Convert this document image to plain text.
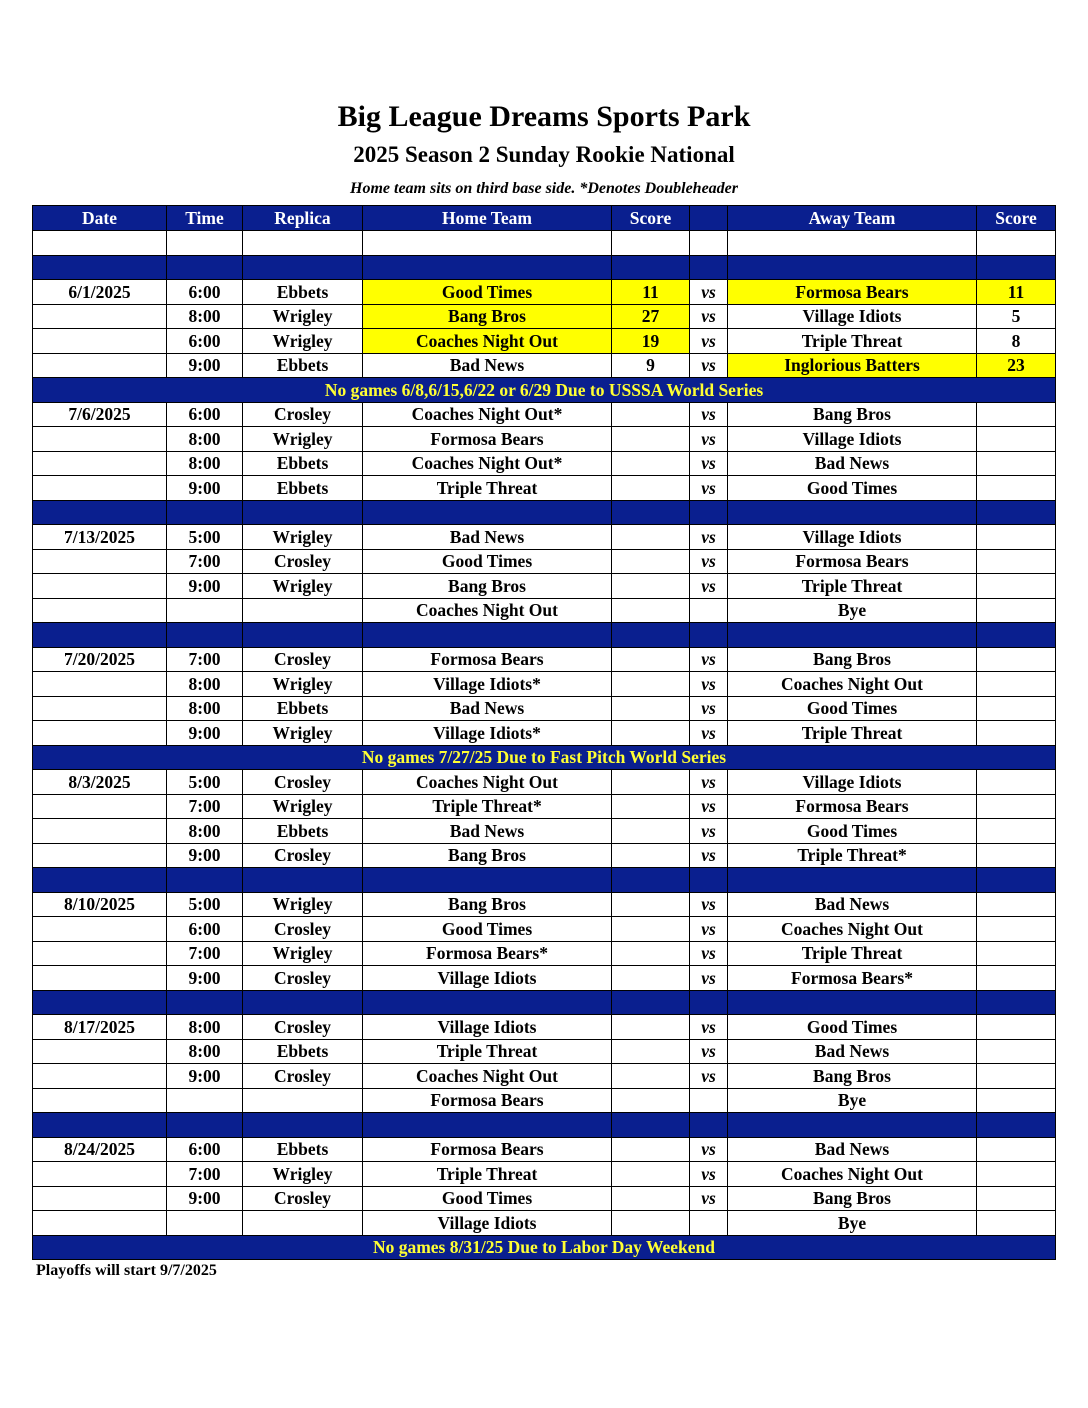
Big League Dreams Sports Park
2025 Season 2 Sunday Rookie National
Home team sits on third base side. *Denotes Doubleheader
Date	Time	Replica	Home Team	Score		Away Team	Score

6/1/2025	6:00	Ebbets	Good Times	11	vs	Formosa Bears	11
	8:00	Wrigley	Bang Bros	27	vs	Village Idiots	5
	6:00	Wrigley	Coaches Night Out	19	vs	Triple Threat	8
	9:00	Ebbets	Bad News	9	vs	Inglorious Batters	23
No games 6/8,6/15,6/22 or 6/29 Due to USSSA World Series							
7/6/2025	6:00	Crosley	Coaches Night Out*		vs	Bang Bros	
	8:00	Wrigley	Formosa Bears		vs	Village Idiots	
	8:00	Ebbets	Coaches Night Out*		vs	Bad News	
	9:00	Ebbets	Triple Threat		vs	Good Times	

7/13/2025	5:00	Wrigley	Bad News		vs	Village Idiots	
	7:00	Crosley	Good Times		vs	Formosa Bears	
	9:00	Wrigley	Bang Bros		vs	Triple Threat	
			Coaches Night Out			Bye	

7/20/2025	7:00	Crosley	Formosa Bears		vs	Bang Bros	
	8:00	Wrigley	Village Idiots*		vs	Coaches Night Out	
	8:00	Ebbets	Bad News		vs	Good Times	
	9:00	Wrigley	Village Idiots*		vs	Triple Threat	
No games 7/27/25 Due to Fast Pitch World Series							
8/3/2025	5:00	Crosley	Coaches Night Out		vs	Village Idiots	
	7:00	Wrigley	Triple Threat*		vs	Formosa Bears	
	8:00	Ebbets	Bad News		vs	Good Times	
	9:00	Crosley	Bang Bros		vs	Triple Threat*	

8/10/2025	5:00	Wrigley	Bang Bros		vs	Bad News	
	6:00	Crosley	Good Times		vs	Coaches Night Out	
	7:00	Wrigley	Formosa Bears*		vs	Triple Threat	
	9:00	Crosley	Village Idiots		vs	Formosa Bears*	

8/17/2025	8:00	Crosley	Village Idiots		vs	Good Times	
	8:00	Ebbets	Triple Threat		vs	Bad News	
	9:00	Crosley	Coaches Night Out		vs	Bang Bros	
			Formosa Bears			Bye	

8/24/2025	6:00	Ebbets	Formosa Bears		vs	Bad News	
	7:00	Wrigley	Triple Threat		vs	Coaches Night Out	
	9:00	Crosley	Good Times		vs	Bang Bros	
			Village Idiots			Bye	
No games 8/31/25 Due to Labor Day Weekend							
Playoffs will start 9/7/2025
